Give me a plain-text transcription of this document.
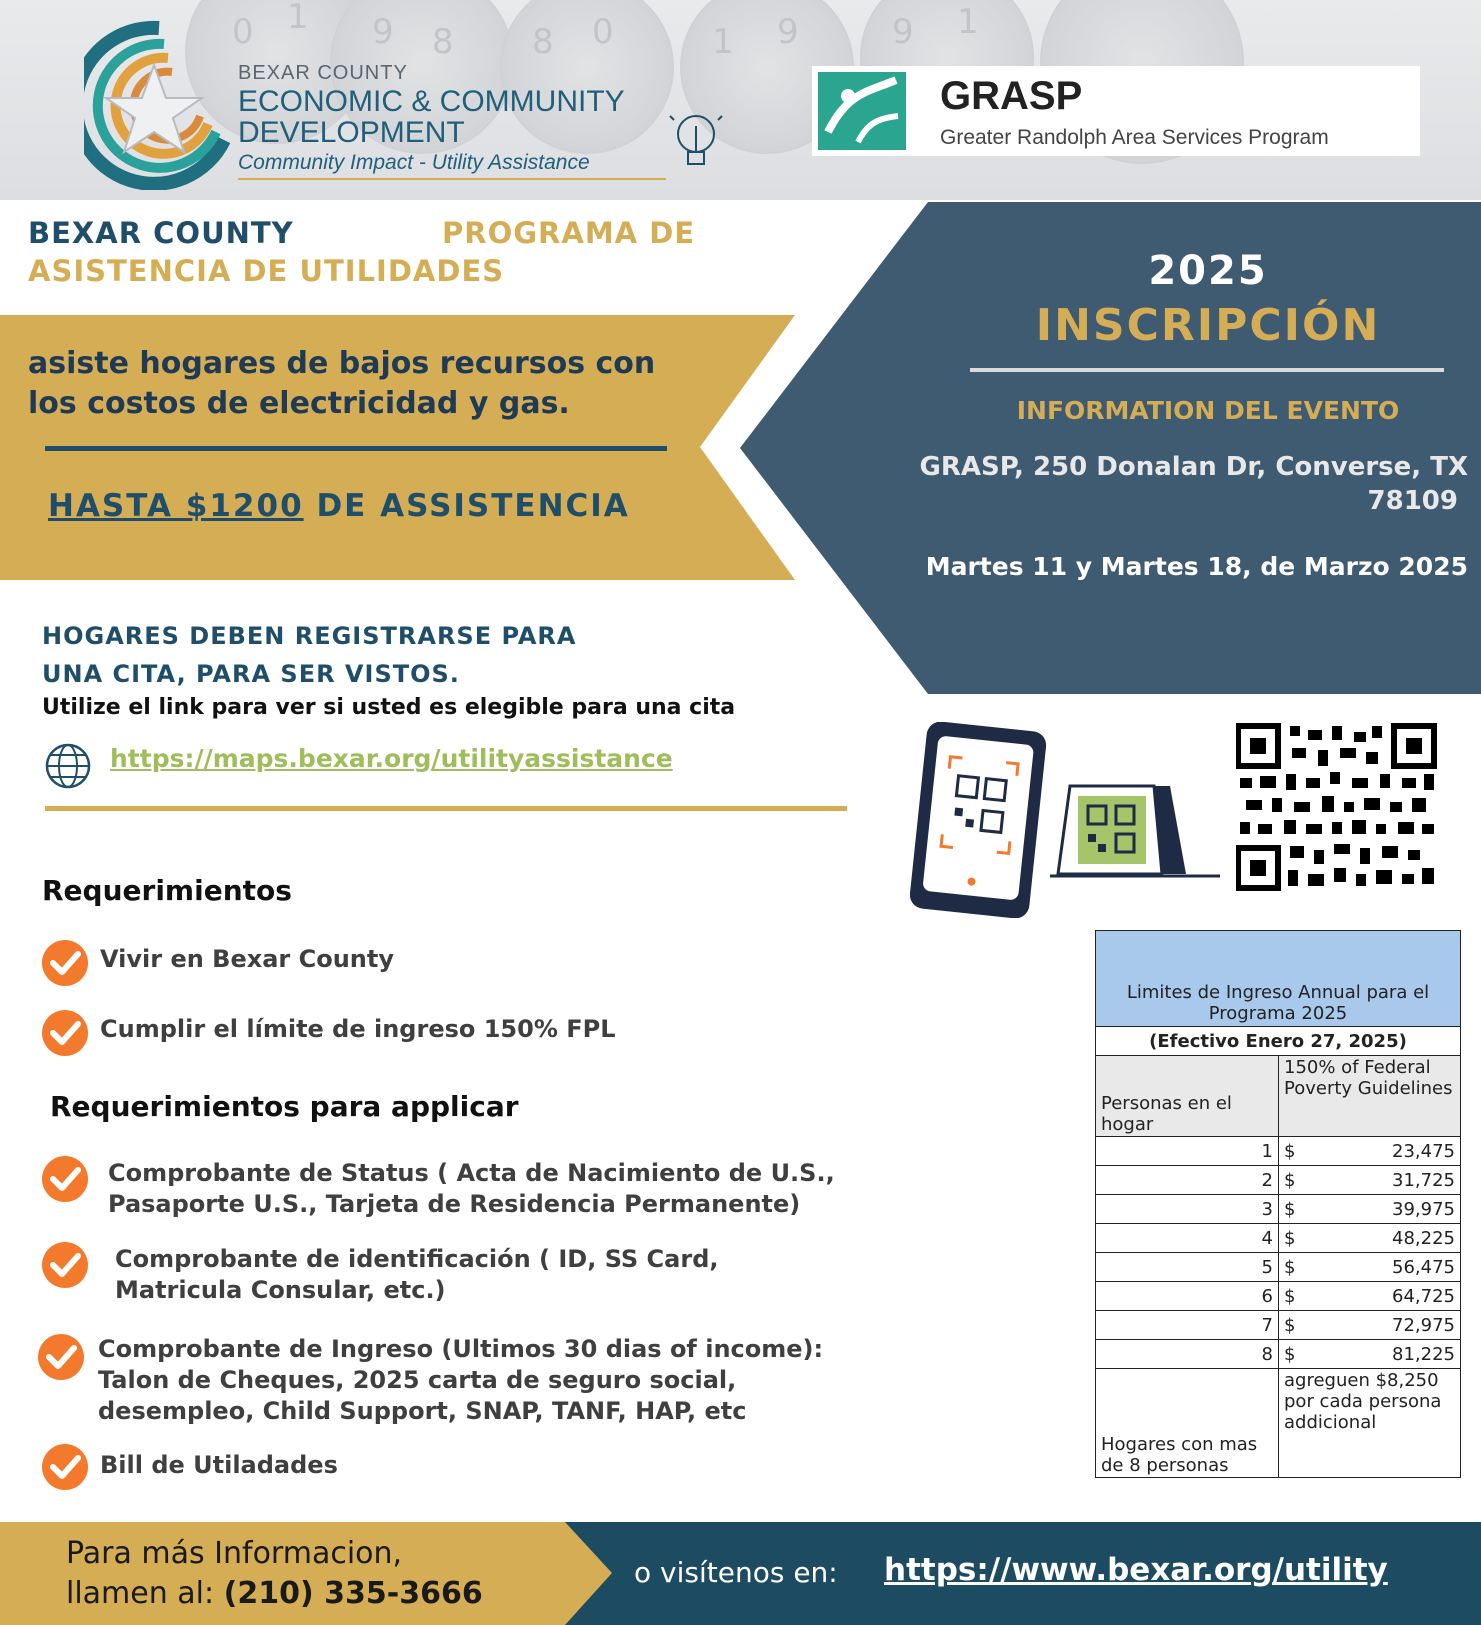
0 1 9 8 8 0	1 9	9 1
BEXAR COUNTY
ECONOMIC & COMMUNITY
DEVELOPMENT
Community Impact - Utility Assistance
GRASP
Greater Randolph Area Services Program
BEXAR COUNTY	PROGRAMA DE
ASISTENCIA DE UTILIDADES
asiste hogares de bajos recursos con
los costos de electricidad y gas.
HASTA $1200 DE ASSISTENCIA
2025
INSCRIPCIÓN
INFORMATION DEL EVENTO
GRASP, 250 Donalan Dr, Converse, TX
78109
Martes 11 y Martes 18, de Marzo 2025
HOGARES DEBEN REGISTRARSE PARA
UNA CITA, PARA SER VISTOS.
Utilize el link para ver si usted es elegible para una cita
https://maps.bexar.org/utilityassistance
Requerimientos
Vivir en Bexar County
Cumplir el límite de ingreso 150% FPL
Requerimientos para applicar
Comprobante de Status ( Acta de Nacimiento de U.S.,
Pasaporte U.S., Tarjeta de Residencia Permanente)
Comprobante de identificación ( ID, SS Card,
Matricula Consular, etc.)
Comprobante de Ingreso (Ultimos 30 dias of income):
Talon de Cheques, 2025 carta de seguro social,
desempleo, Child Support, SNAP, TANF, HAP, etc
Bill de Utiladades
Limites de Ingreso Annual para el Programa 2025	
(Efectivo Enero 27, 2025)	
Personas en el hogar	150% of Federal Poverty Guidelines
1	$ 23,475

2	$ 31,725

3	$ 39,975

4	$ 48,225

5	$ 56,475

6	$ 64,725

7	$ 72,975

8	$ 81,225

Hogares con mas de 8 personas	agreguen $8,250 por cada persona addicional
Para más Informacion,
llamen al: (210) 335-3666
o visítenos en: https://www.bexar.org/utility
